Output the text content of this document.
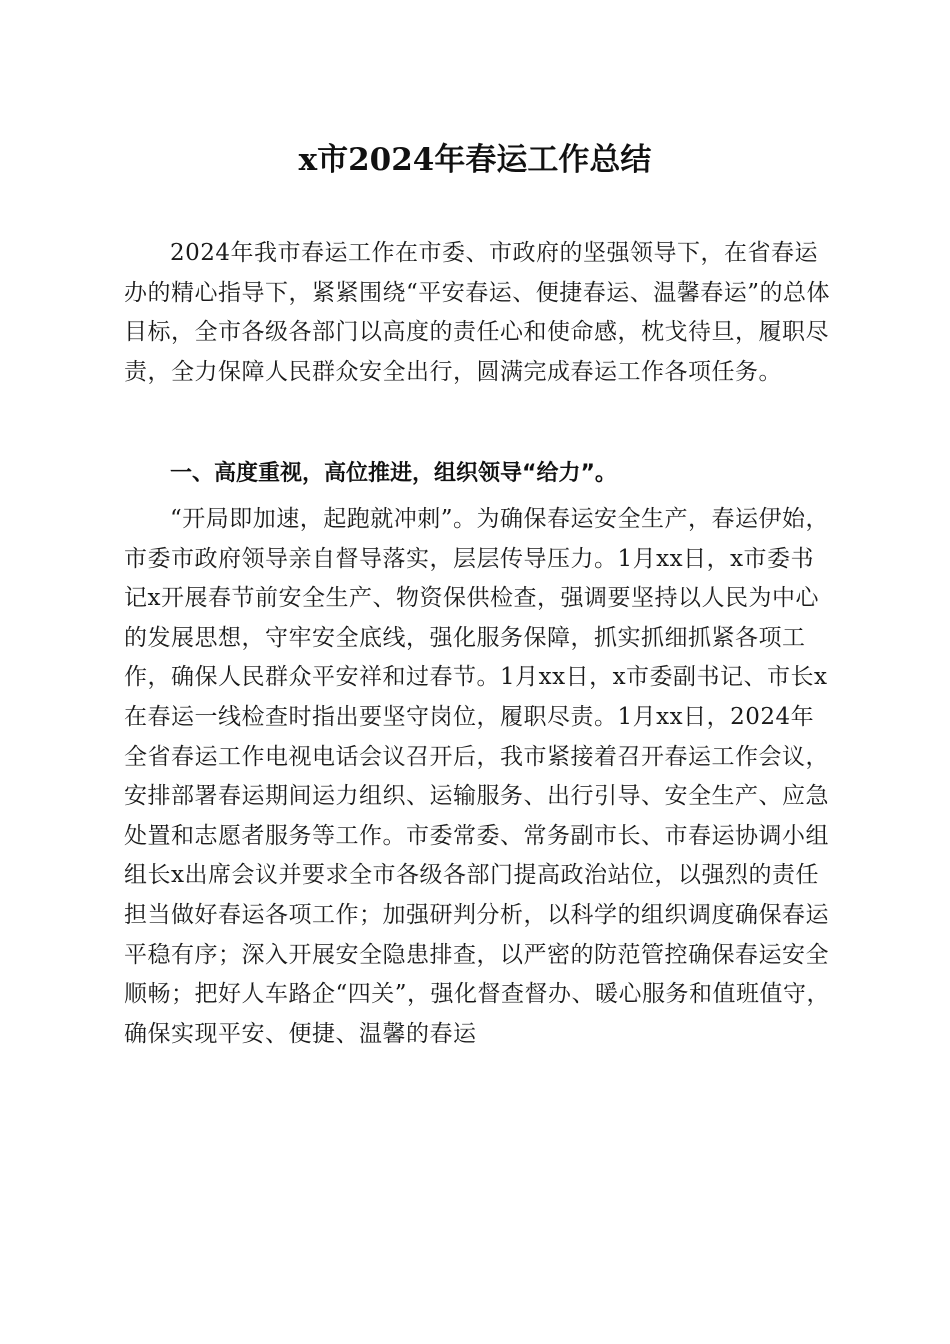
x市2024年春运工作总结

2024年我市春运工作在市委、市政府的坚强领导下，在省春运办的精心指导下，紧紧围绕“平安春运、便捷春运、温馨春运”的总体目标，全市各级各部门以高度的责任心和使命感，枕戈待旦，履职尽责，全力保障人民群众安全出行，圆满完成春运工作各项任务。

一、高度重视，高位推进，组织领导“给力”。

“开局即加速，起跑就冲刺”。为确保春运安全生产，春运伊始，市委市政府领导亲自督导落实，层层传导压力。1月xx日，x市委书记x开展春节前安全生产、物资保供检查，强调要坚持以人民为中心的发展思想，守牢安全底线，强化服务保障，抓实抓细抓紧各项工作，确保人民群众平安祥和过春节。1月xx日，x市委副书记、市长x在春运一线检查时指出要坚守岗位，履职尽责。1月xx日，2024年全省春运工作电视电话会议召开后，我市紧接着召开春运工作会议，安排部署春运期间运力组织、运输服务、出行引导、安全生产、应急处置和志愿者服务等工作。市委常委、常务副市长、市春运协调小组组长x出席会议并要求全市各级各部门提高政治站位，以强烈的责任担当做好春运各项工作；加强研判分析，以科学的组织调度确保春运平稳有序；深入开展安全隐患排查，以严密的防范管控确保春运安全顺畅；把好人车路企“四关”，强化督查督办、暖心服务和值班值守，确保实现平安、便捷、温馨的春运
